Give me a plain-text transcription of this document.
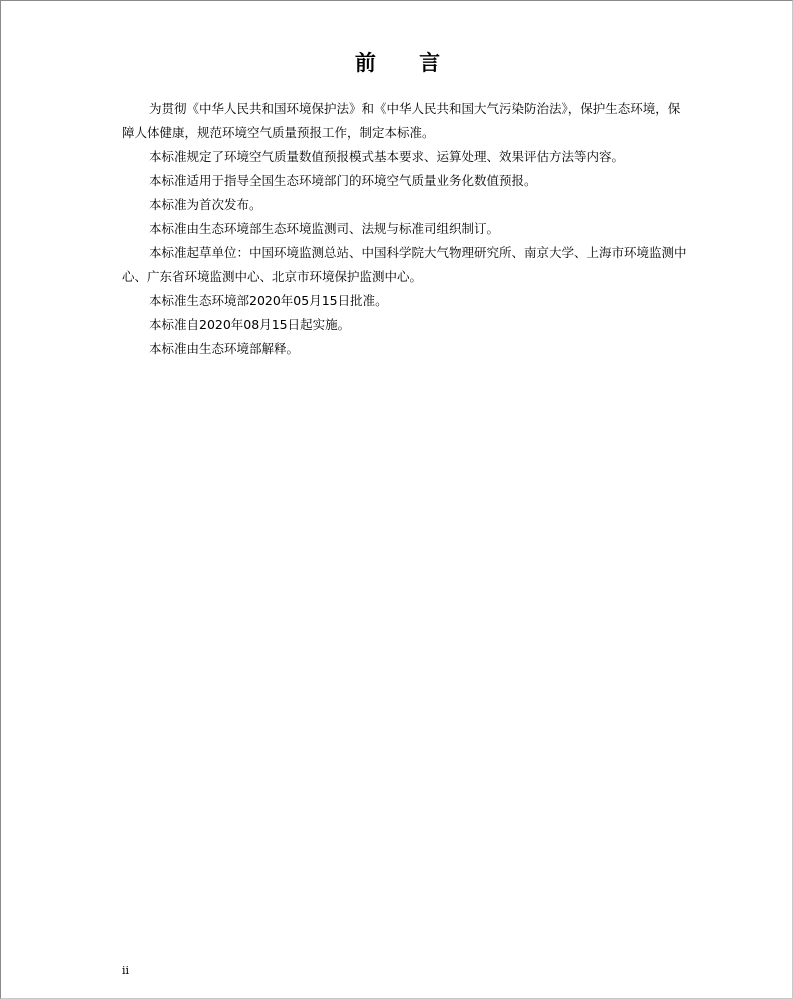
前 言

为贯彻《中华人民共和国环境保护法》和《中华人民共和国大气污染防治法》，保护生态环境，保障人体健康，规范环境空气质量预报工作，制定本标准。

本标准规定了环境空气质量数值预报模式基本要求、运算处理、效果评估方法等内容。

本标准适用于指导全国生态环境部门的环境空气质量业务化数值预报。

本标准为首次发布。

本标准由生态环境部生态环境监测司、法规与标准司组织制订。

本标准起草单位：中国环境监测总站、中国科学院大气物理研究所、南京大学、上海市环境监测中心、广东省环境监测中心、北京市环境保护监测中心。

本标准生态环境部2020年05月15日批准。

本标准自2020年08月15日起实施。

本标准由生态环境部解释。

ii
